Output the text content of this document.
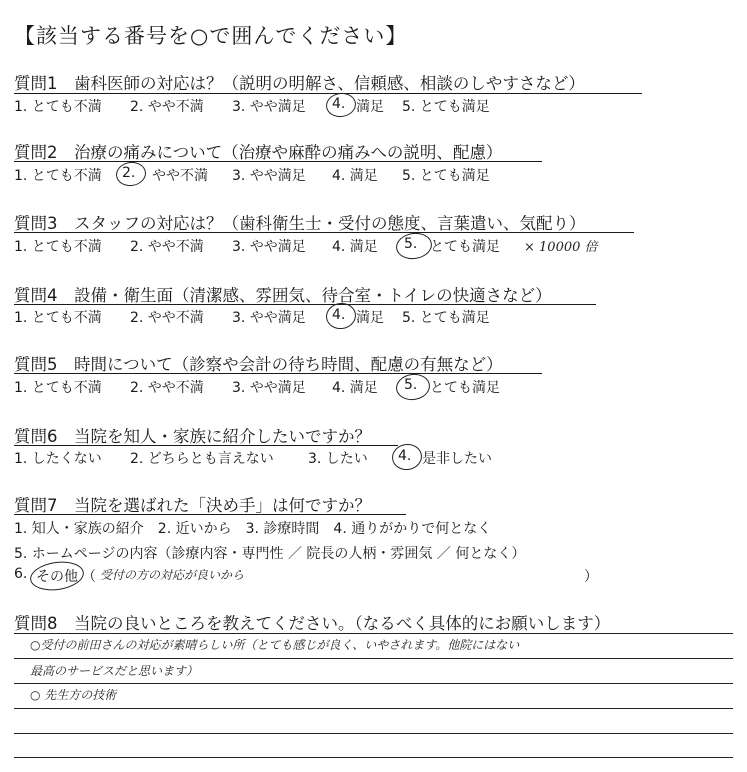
【該当する番号を○で囲んでください】
質問1　歯科医師の対応は？（説明の明解さ、信頼感、相談のしやすさなど）
1. とても不満 2. やや不満 3. やや満足 4. 満足 5. とても満足
質問2　治療の痛みについて（治療や麻酔の痛みへの説明、配慮）
1. とても不満 2. やや不満 3. やや満足 4. 満足 5. とても満足
質問3　スタッフの対応は？（歯科衛生士・受付の態度、言葉遣い、気配り）
1. とても不満 2. やや不満 3. やや満足 4. 満足 5. とても満足 × 10000 倍
質問4　設備・衛生面（清潔感、雰囲気、待合室・トイレの快適さなど）
1. とても不満 2. やや不満 3. やや満足 4. 満足 5. とても満足
質問5　時間について（診察や会計の待ち時間、配慮の有無など）
1. とても不満 2. やや不満 3. やや満足 4. 満足 5. とても満足
質問6　当院を知人・家族に紹介したいですか？
1. したくない 2. どちらとも言えない 3. したい 4. 是非したい
質問7　当院を選ばれた「決め手」は何ですか？
1. 知人・家族の紹介　2. 近いから　3. 診療時間　4. 通りがかりで何となく
5. ホームページの内容（診療内容・専門性 ／ 院長の人柄・雰囲気 ／ 何となく）
6. その他 （ 受付の方の対応が良いから	）
質問8　当院の良いところを教えてください。（なるべく具体的にお願いします）
○受付の前田さんの対応が素晴らしい所（とても感じが良く、いやされます。他院にはない
最高のサービスだと思います）
○ 先生方の技術
